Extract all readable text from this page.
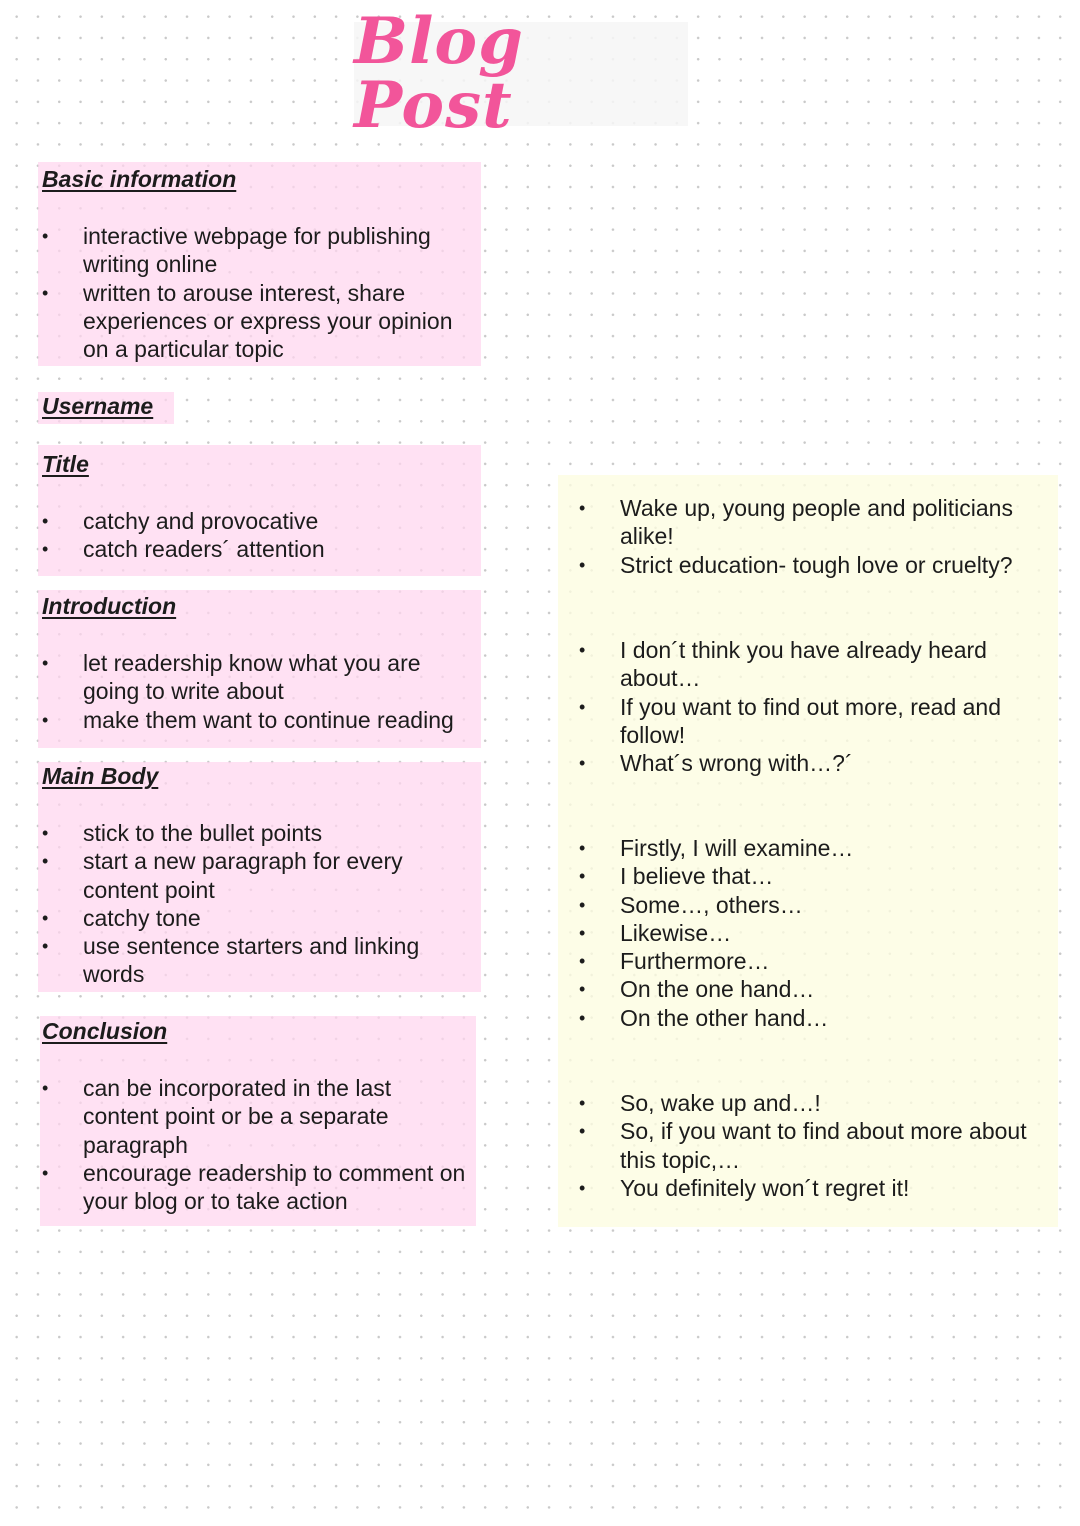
Blog Post
Basic information
• interactive webpage for publishing writing online
• written to arouse interest, share experiences or express your opinion on a particular topic
Username
Title
• catchy and provocative
• catch readers´ attention
Introduction
• let readership know what you are going to write about
• make them want to continue reading
Main Body
• stick to the bullet points
• start a new paragraph for every content point
• catchy tone
• use sentence starters and linking words
Conclusion
• can be incorporated in the last content point or be a separate paragraph
• encourage readership to comment on your blog or to take action
• Wake up, young people and politicians alike!
• Strict education- tough love or cruelty?
• I don´t think you have already heard about…
• If you want to find out more, read and follow!
• What´s wrong with…?´
• Firstly, I will examine…
• I believe that…
• Some…, others…
• Likewise…
• Furthermore…
• On the one hand…
• On the other hand…
• So, wake up and…!
• So, if you want to find about more about this topic,…
• You definitely won´t regret it!
